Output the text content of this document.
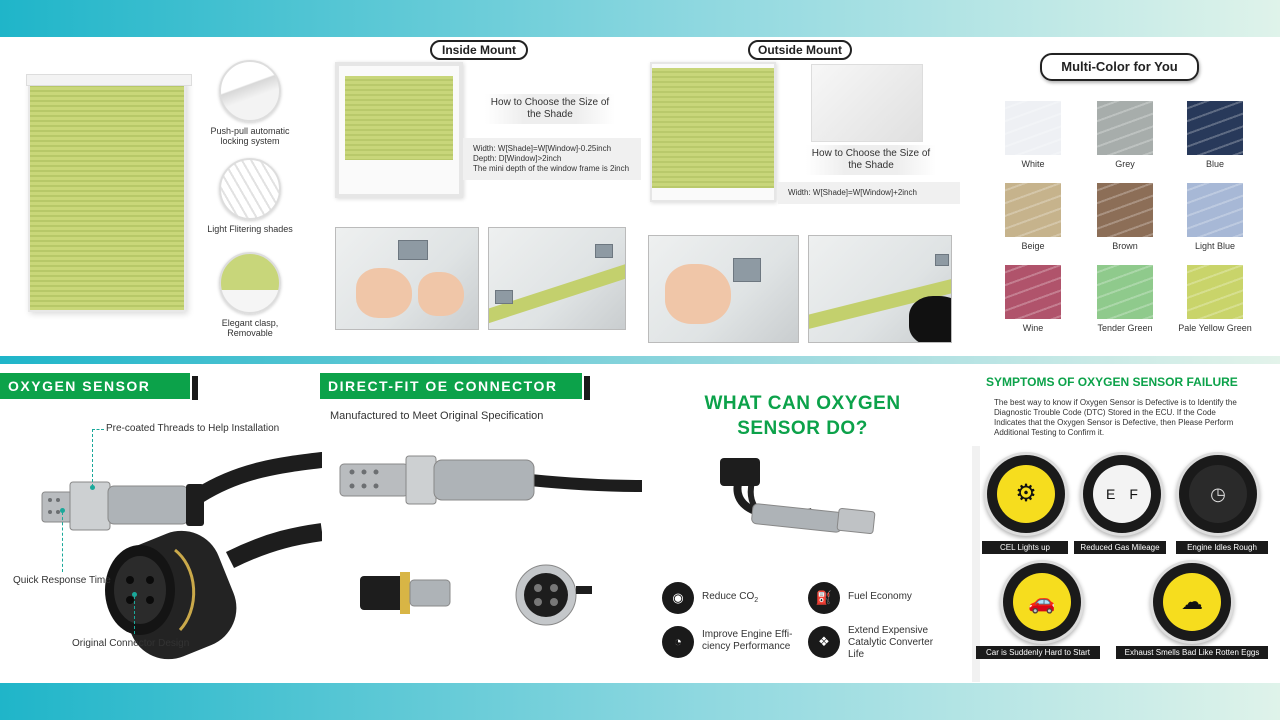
Push-pull automatic locking system
Light Flitering shades
Elegant clasp, Removable
Inside Mount
How to Choose the Size of the Shade
Width: W[Shade]=W[Window]-0.25inch
Depth: D[Window]>2inch
The mini depth of the window frame is 2inch
Outside Mount
How to Choose the Size of the Shade
Width: W[Shade]=W[Window]+2inch
Multi-Color for You
White	Grey	Blue
Beige	Brown	Light Blue
Wine	Tender Green	Pale Yellow Green
OXYGEN SENSOR
Pre-coated Threads to Help Installation
Quick Response Time
Original Connector Design
DIRECT-FIT OE CONNECTOR
Manufactured to Meet Original Specification
WHAT CAN OXYGEN
SENSOR DO?
◉	Reduce $CO_2$	⛽	Fuel Economy
◔	Improve Engine Effi-
ciency Performance	❖
Extend Expensive
Catalytic Converter
Life
SYMPTOMS OF OXYGEN SENSOR FAILURE
The best way to know if Oxygen Sensor is Defective is to Identify the Diagnostic Trouble Code (DTC) Stored in the ECU. If the Code Indicates that the Oxygen Sensor is Defective, then Please Perform Additional Testing to Confirm it.
⚙
CEL Lights up
E F
Reduced Gas Mileage
◷
Engine Idles Rough
🚗
Car is Suddenly Hard to Start
☁
Exhaust Smells Bad Like Rotten Eggs
